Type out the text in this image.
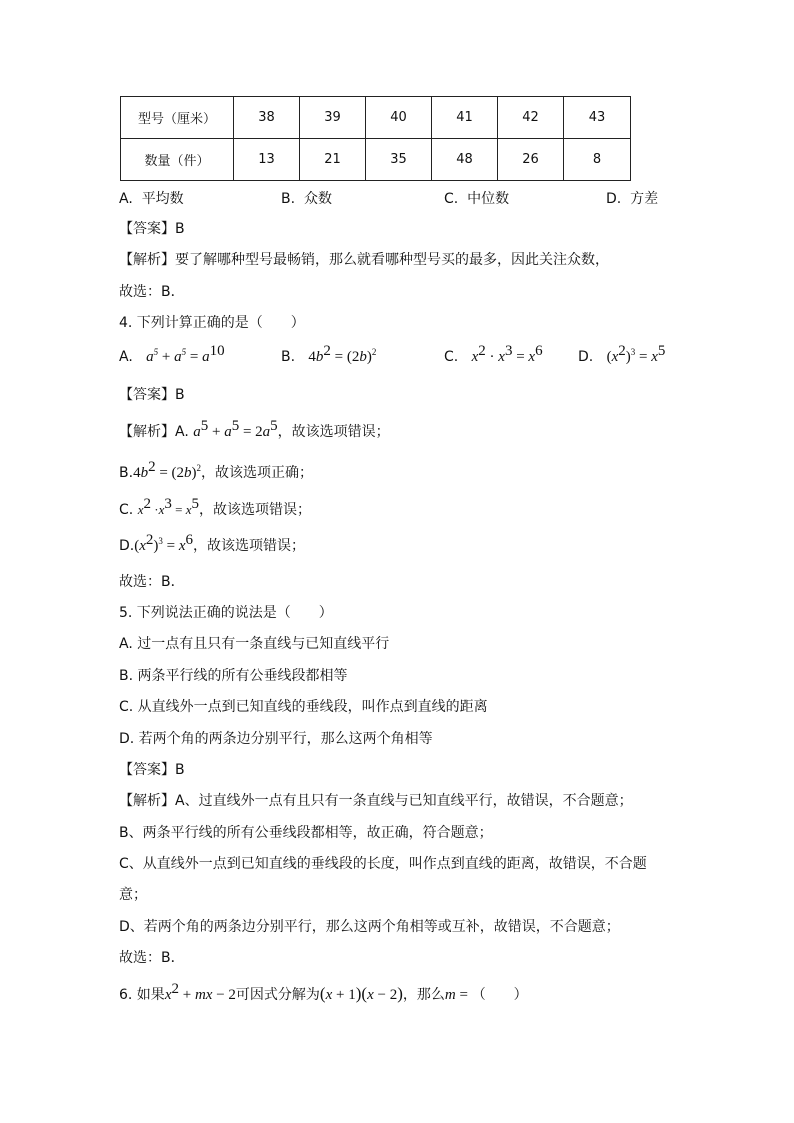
型号（厘米）	38	39	40	41	42	43
数量（件）	13	21	35	48	26	8
A. 平均数	B. 众数	C. 中位数	D. 方差
【答案】B
【解析】要了解哪种型号最畅销，那么就看哪种型号买的最多，因此关注众数，
故选：B．
4. 下列计算正确的是（　　）
A. $a^5 + a^5 = a^{10}$	B. $4b^2 = (2b)^2$	C. $x^2 \cdot x^3 = x^6$	D. $(x^2)^3 = x^5$
【答案】B
【解析】A. $a^5 + a^5 = 2a^5$，故该选项错误；
$B.4b^2 = (2b)^2$，故该选项正确；
C. $x^2 \cdot x^3 = x^5$，故该选项错误；
$D.(x^2)^3 = x^6$，故该选项错误；
故选：B．
5. 下列说法正确的说法是（　　）
A. 过一点有且只有一条直线与已知直线平行
B. 两条平行线的所有公垂线段都相等
C. 从直线外一点到已知直线的垂线段，叫作点到直线的距离
D. 若两个角的两条边分别平行，那么这两个角相等
【答案】B
【解析】A、过直线外一点有且只有一条直线与已知直线平行，故错误，不合题意；
B、两条平行线的所有公垂线段都相等，故正确，符合题意；
C、从直线外一点到已知直线的垂线段的长度，叫作点到直线的距离，故错误，不合题
意；
D、若两个角的两条边分别平行，那么这两个角相等或互补，故错误，不合题意；
故选：B．
6. 如果$x^2$ + mx − 2可因式分解为(x + 1)(x − 2)，那么m = （　　）
